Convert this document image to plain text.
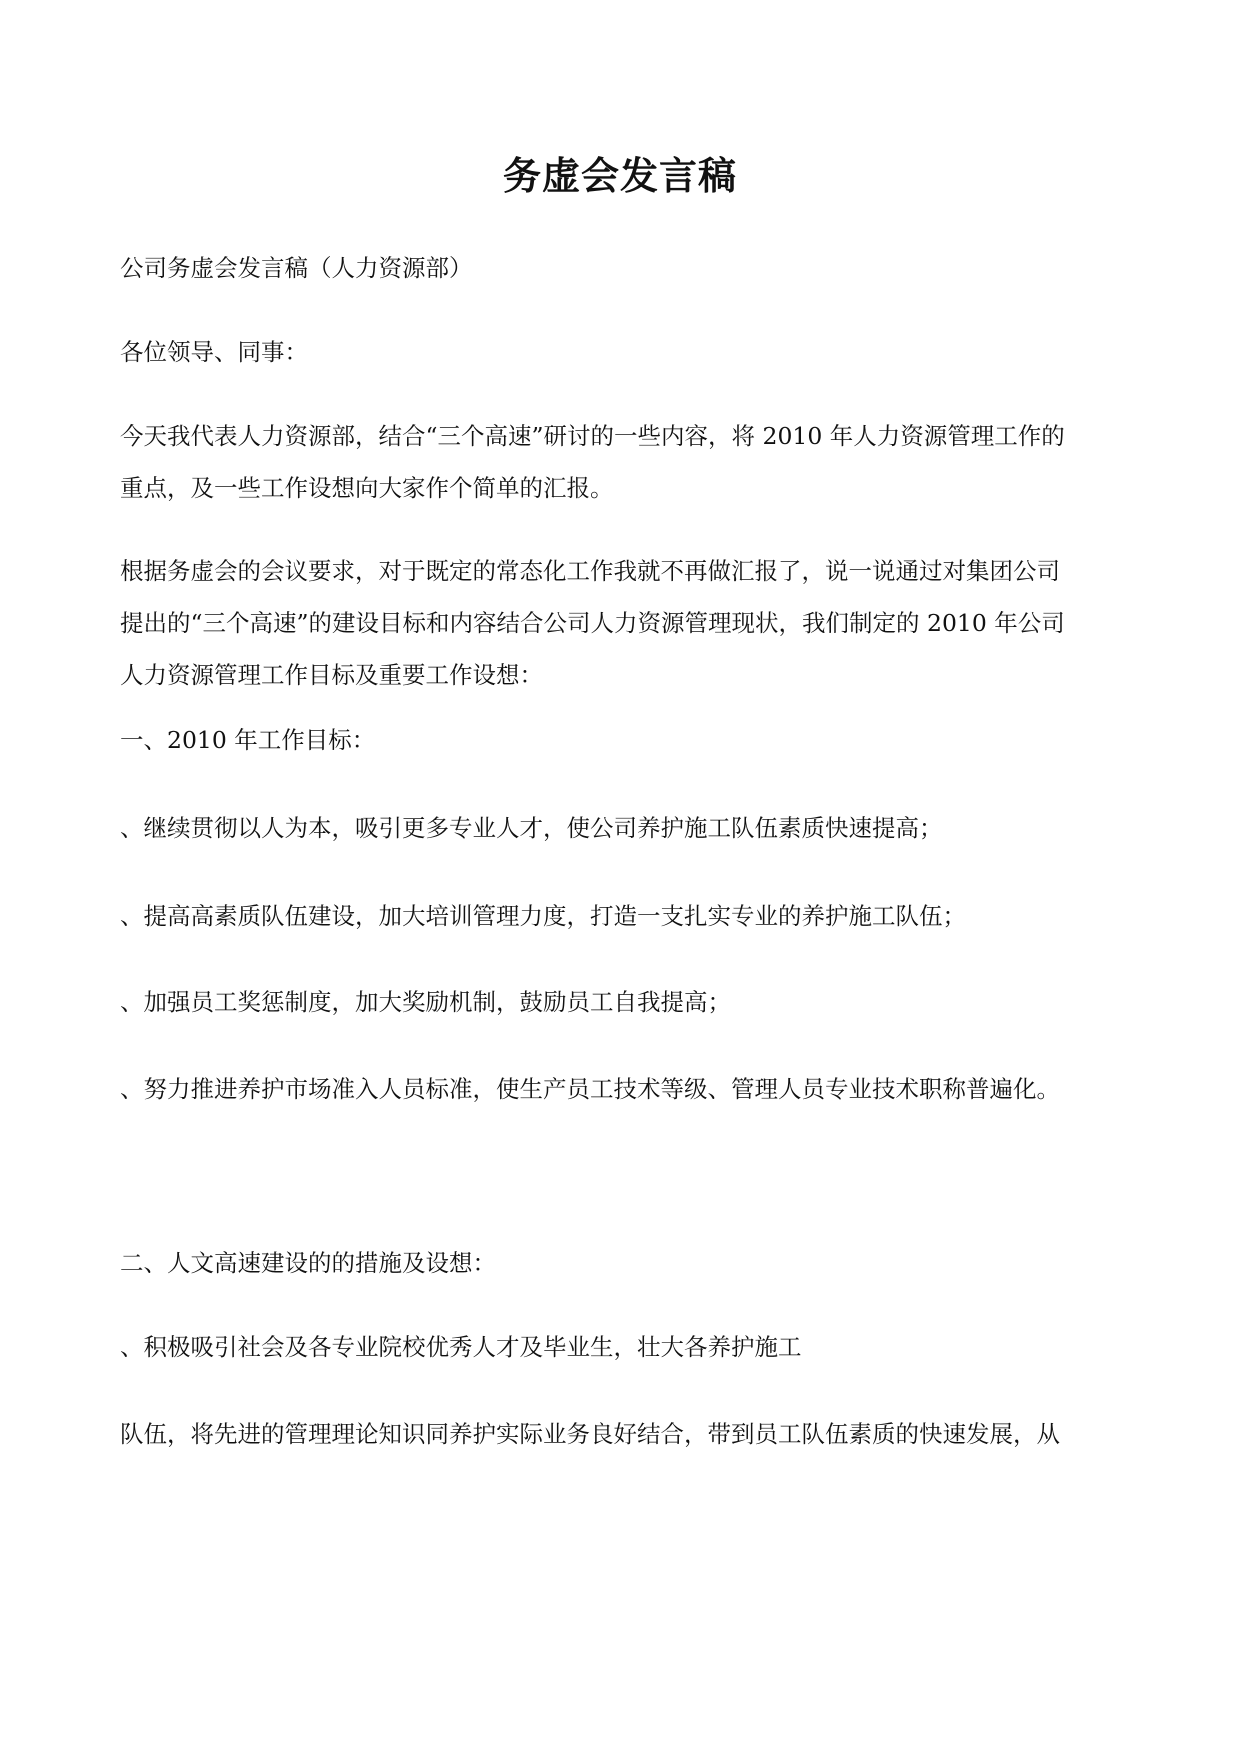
务虚会发言稿
公司务虚会发言稿（人力资源部）
各位领导、同事：
今天我代表人力资源部，结合“三个高速”研讨的一些内容，将 2010 年人力资源管理工作的
重点，及一些工作设想向大家作个简单的汇报。
根据务虚会的会议要求，对于既定的常态化工作我就不再做汇报了，说一说通过对集团公司
提出的“三个高速”的建设目标和内容结合公司人力资源管理现状，我们制定的 2010 年公司
人力资源管理工作目标及重要工作设想：
一、2010 年工作目标：
、继续贯彻以人为本，吸引更多专业人才，使公司养护施工队伍素质快速提高；
、提高高素质队伍建设，加大培训管理力度，打造一支扎实专业的养护施工队伍；
、加强员工奖惩制度，加大奖励机制，鼓励员工自我提高；
、努力推进养护市场准入人员标准，使生产员工技术等级、管理人员专业技术职称普遍化。
二、人文高速建设的的措施及设想：
、积极吸引社会及各专业院校优秀人才及毕业生，壮大各养护施工
队伍，将先进的管理理论知识同养护实际业务良好结合，带到员工队伍素质的快速发展，从
